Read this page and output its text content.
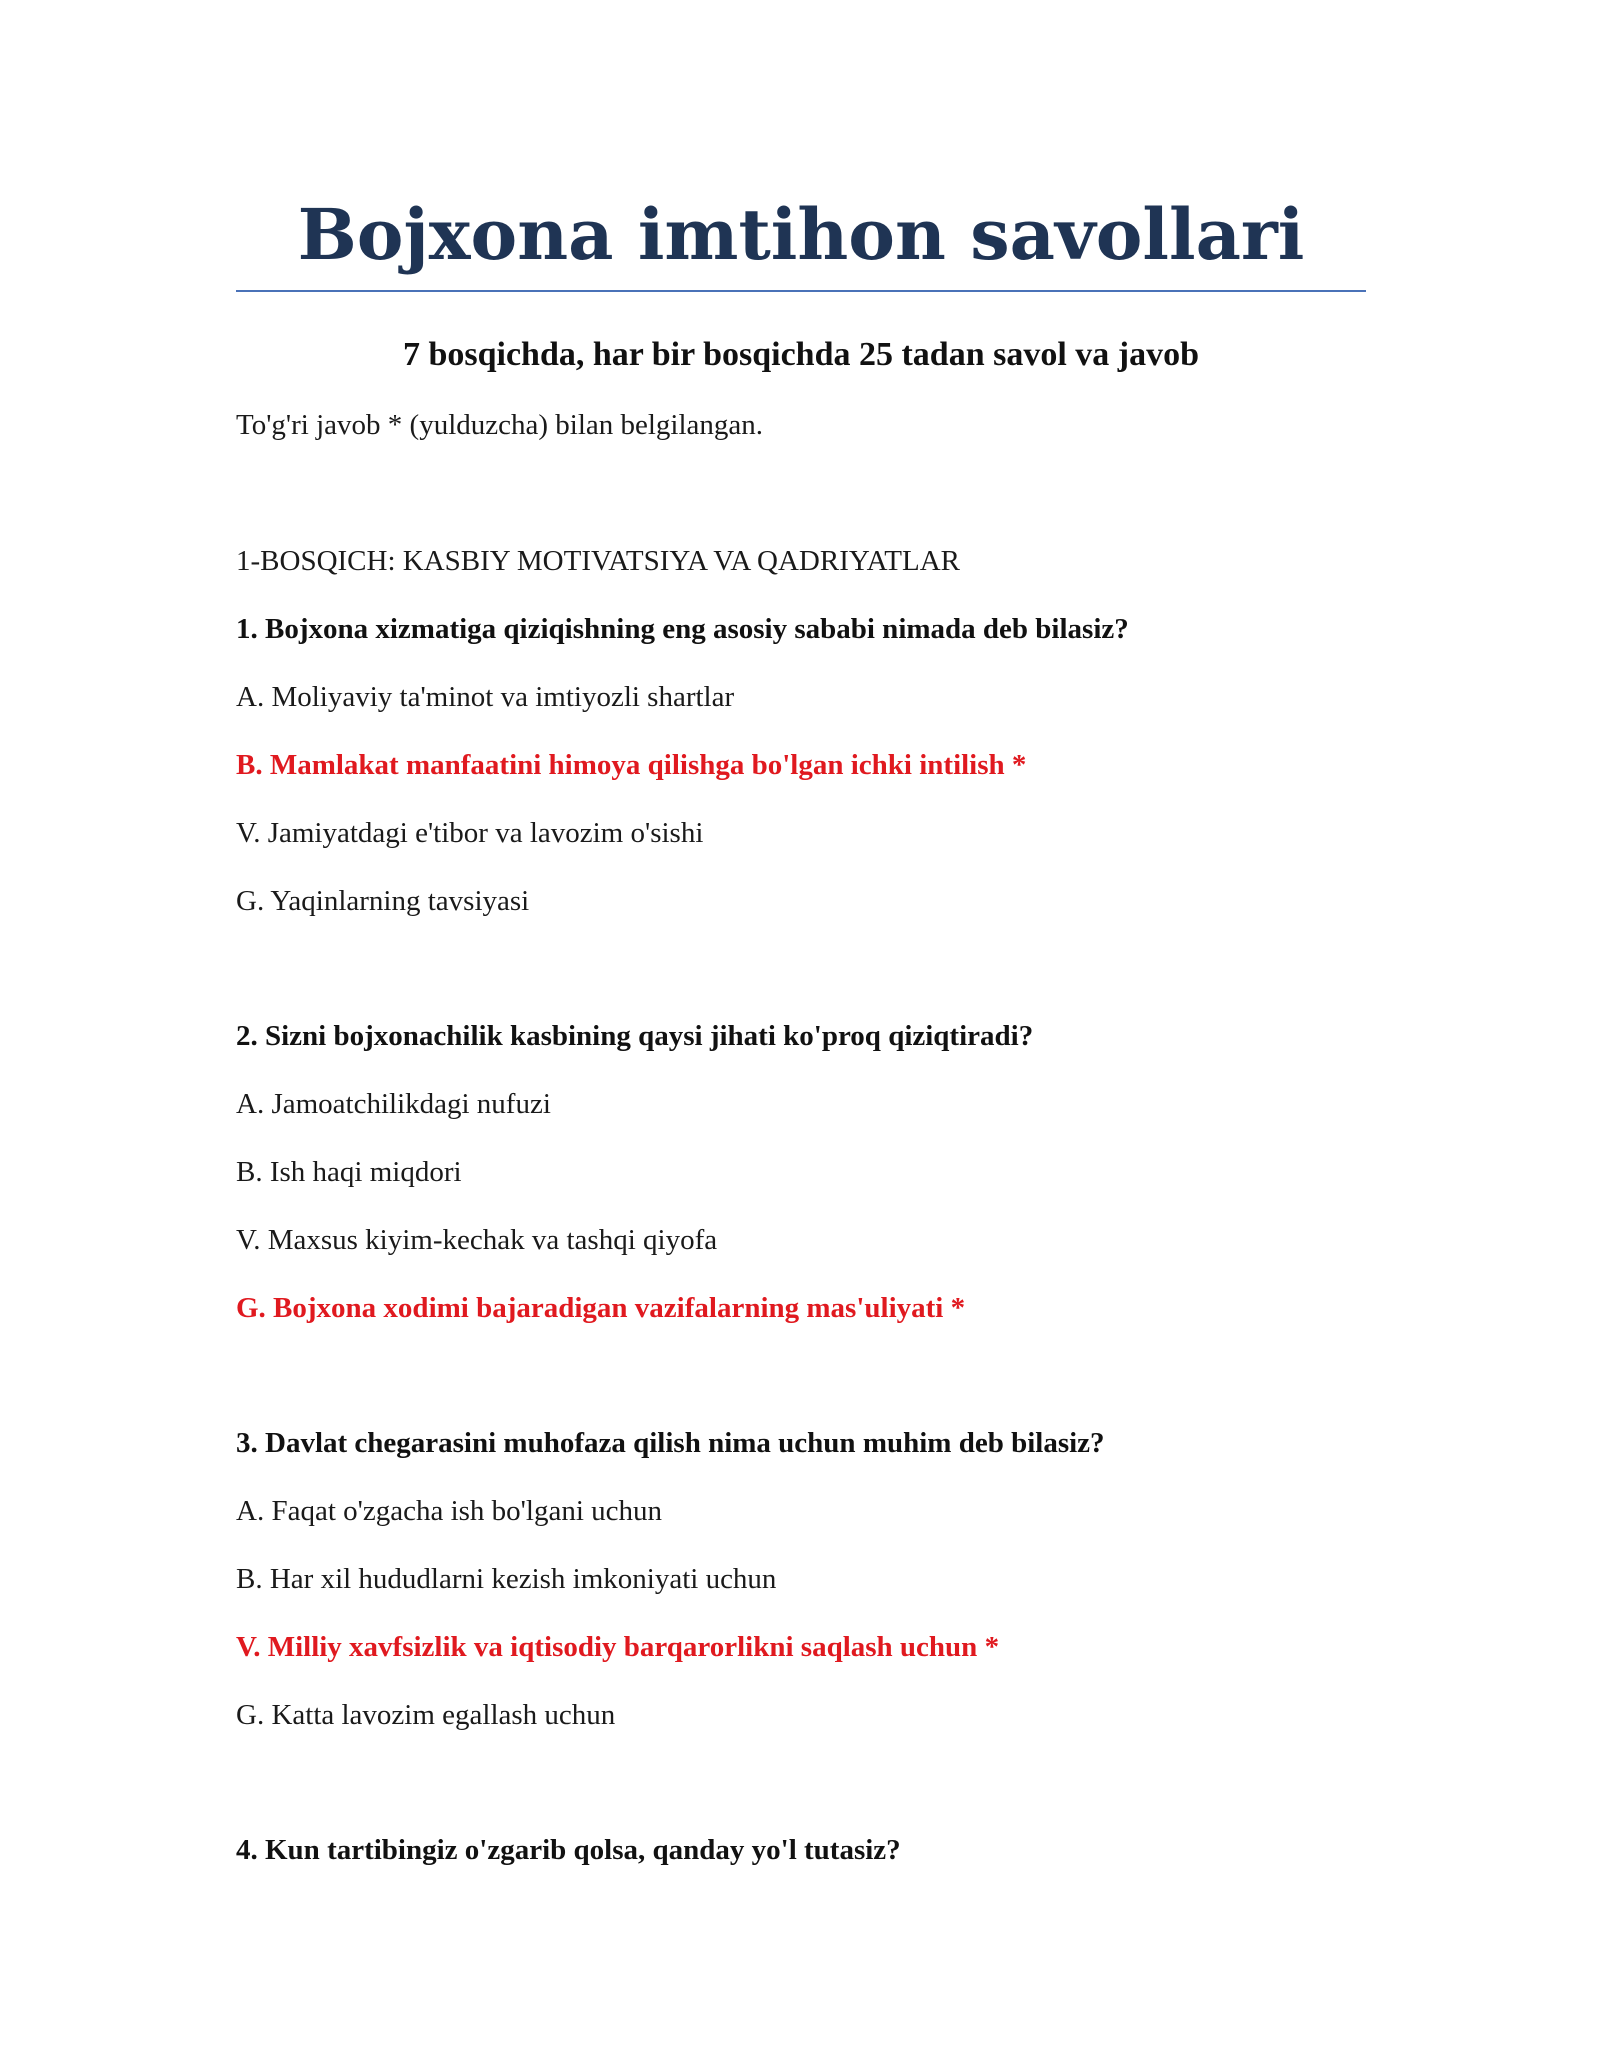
Bojxona imtihon savollari
7 bosqichda, har bir bosqichda 25 tadan savol va javob

To'g'ri javob * (yulduzcha) bilan belgilangan.

1-BOSQICH: KASBIY MOTIVATSIYA VA QADRIYATLAR

1. Bojxona xizmatiga qiziqishning eng asosiy sababi nimada deb bilasiz?

A. Moliyaviy ta'minot va imtiyozli shartlar

B. Mamlakat manfaatini himoya qilishga bo'lgan ichki intilish *

V. Jamiyatdagi e'tibor va lavozim o'sishi

G. Yaqinlarning tavsiyasi

2. Sizni bojxonachilik kasbining qaysi jihati ko'proq qiziqtiradi?

A. Jamoatchilikdagi nufuzi

B. Ish haqi miqdori

V. Maxsus kiyim-kechak va tashqi qiyofa

G. Bojxona xodimi bajaradigan vazifalarning mas'uliyati *

3. Davlat chegarasini muhofaza qilish nima uchun muhim deb bilasiz?

A. Faqat o'zgacha ish bo'lgani uchun

B. Har xil hududlarni kezish imkoniyati uchun

V. Milliy xavfsizlik va iqtisodiy barqarorlikni saqlash uchun *

G. Katta lavozim egallash uchun

4. Kun tartibingiz o'zgarib qolsa, qanday yo'l tutasiz?
